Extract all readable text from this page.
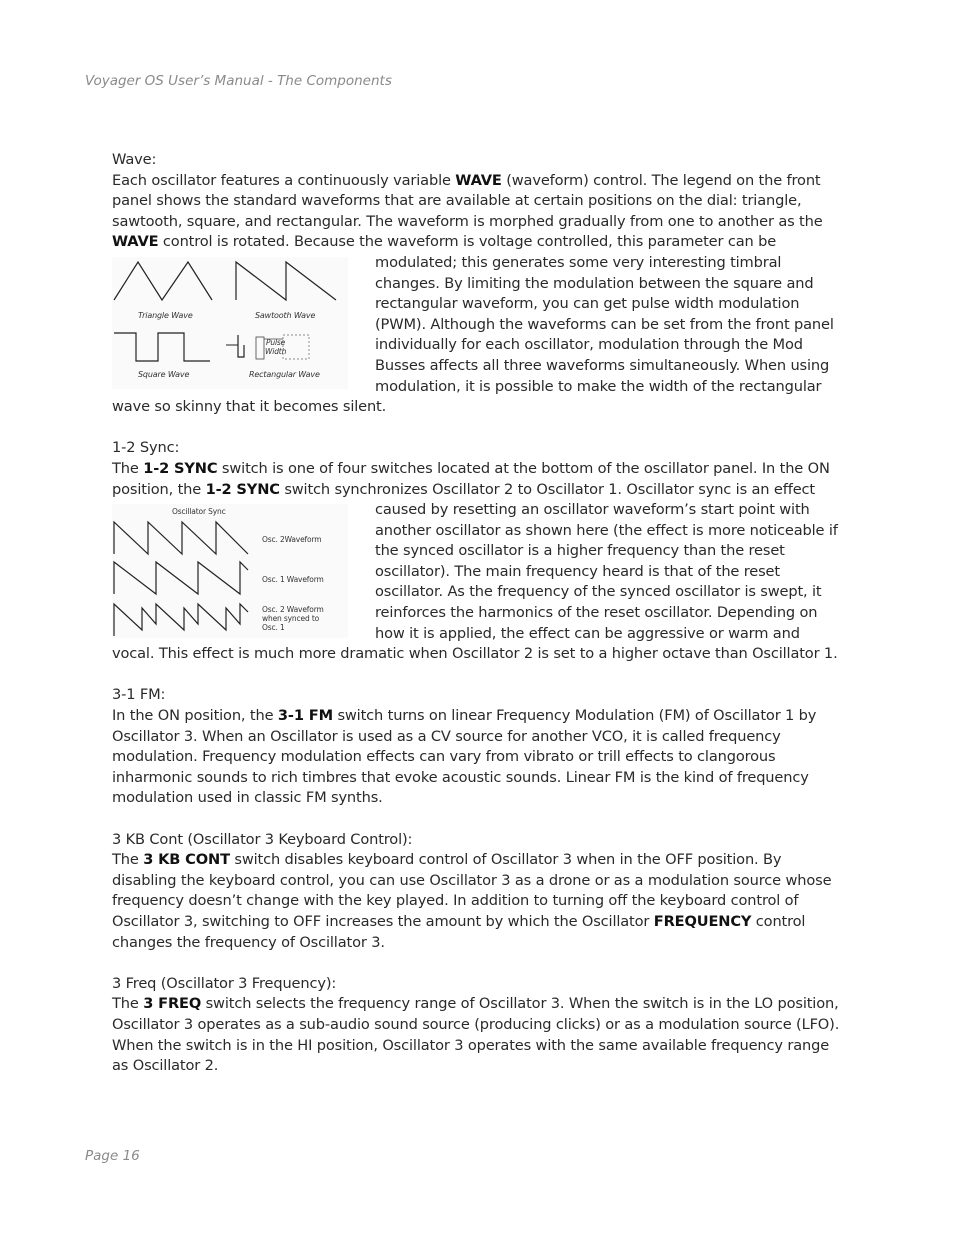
Voyager OS User’s Manual - The Components
Wave:
Each oscillator features a continuously variable WAVE (waveform) control. The legend on the front panel shows the standard waveforms that are available at certain positions on the dial: triangle, sawtooth, square, and rectangular. The waveform is morphed gradually from one to another as the WAVE control is rotated. Because the waveform is voltage controlled, this parameter can be modulated; this generates some very
Triangle Wave	Sawtooth Wave
Square Wave
Pulse
Width
Rectangular Wave
interesting timbral changes. By limiting the modulation between the square and rectangular waveform, you can get pulse width modulation (PWM). Although the waveforms can be set from the front panel individually for each oscillator, modulation through the Mod Busses affects all three waveforms simultaneously. When using modulation, it is possible to make the width of the rectangular wave so skinny that it becomes silent.
1-2 Sync:
The 1-2 SYNC switch is one of four switches located at the bottom of the oscillator panel. In the ON position, the 1-2 SYNC switch synchronizes Oscillator 2 to Oscillator 1. Oscillator sync is an effect caused
Oscillator Sync
Osc. 2Waveform
Osc. 1 Waveform
Osc. 2 Waveform
when synced to
Osc. 1
by resetting an oscillator waveform’s start point with another oscillator as shown here (the effect is more noticeable if the synced oscillator is a higher frequency than the reset oscillator). The main frequency heard is that of the reset oscillator. As the frequency of the synced oscillator is swept, it reinforces the harmonics of the reset oscillator. Depending on how it is applied, the effect can be aggressive or warm and vocal. This effect is much more dramatic when Oscillator 2 is set to a higher octave than Oscillator 1.
3-1 FM:
In the ON position, the 3-1 FM switch turns on linear Frequency Modulation (FM) of Oscillator 1 by Oscillator 3. When an Oscillator is used as a CV source for another VCO, it is called frequency modulation. Frequency modulation effects can vary from vibrato or trill effects to clangorous inharmonic sounds to rich timbres that evoke acoustic sounds. Linear FM is the kind of frequency modulation used in classic FM synths.
3 KB Cont (Oscillator 3 Keyboard Control):
The 3 KB CONT switch disables keyboard control of Oscillator 3 when in the OFF position. By disabling the keyboard control, you can use Oscillator 3 as a drone or as a modulation source whose frequency doesn’t change with the key played. In addition to turning off the keyboard control of Oscillator 3, switching to OFF increases the amount by which the Oscillator FREQUENCY control changes the frequency of Oscillator 3.
3 Freq (Oscillator 3 Frequency):
The 3 FREQ switch selects the frequency range of Oscillator 3. When the switch is in the LO position, Oscillator 3 operates as a sub-audio sound source (producing clicks) or as a modulation source (LFO). When the switch is in the HI position, Oscillator 3 operates with the same available frequency range as Oscillator 2.
Page 16
